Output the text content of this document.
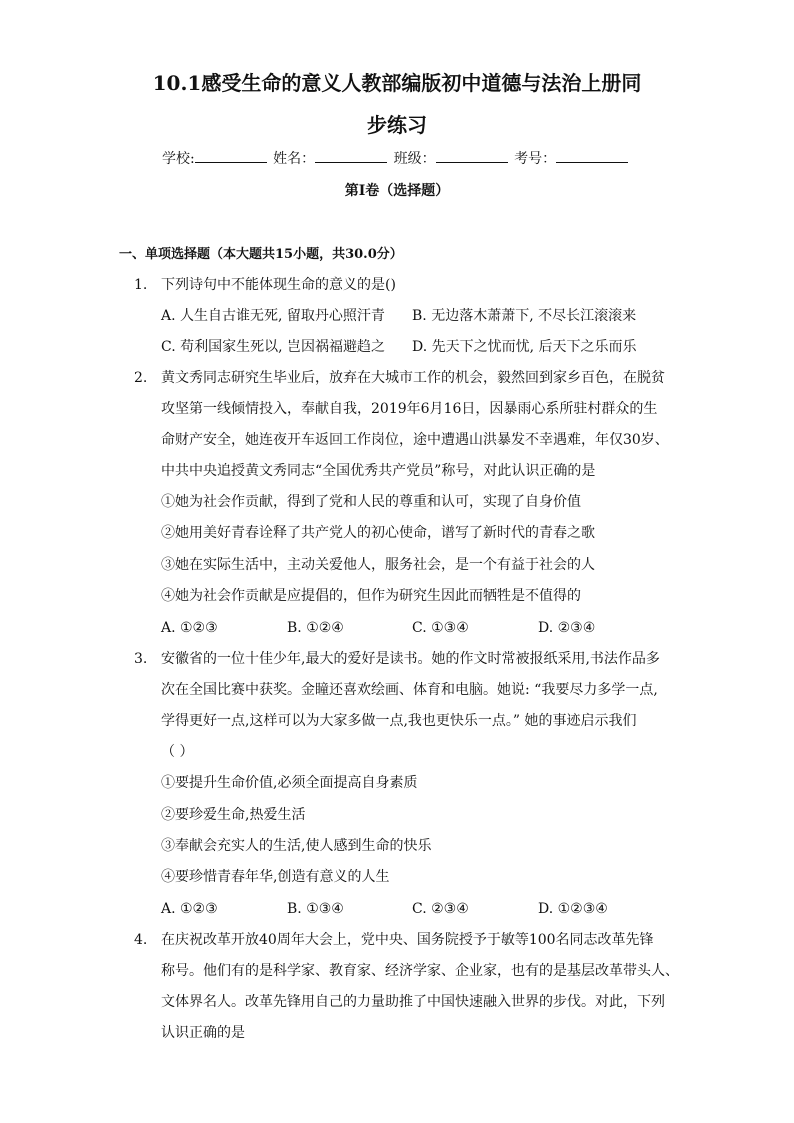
10.1感受生命的意义人教部编版初中道德与法治上册同
步练习
学校:	姓名：	班级：	考号：
第I卷（选择题）
一、单项选择题（本大题共15小题，共30.0分）
1. 下列诗句中不能体现生命的意义的是()
A. 人生自古谁无死, 留取丹心照汗青 B. 无边落木萧萧下, 不尽长江滚滚来
C. 苟利国家生死以, 岂因祸福避趋之 D. 先天下之忧而忧, 后天下之乐而乐
2. 黄文秀同志研究生毕业后，放弃在大城市工作的机会，毅然回到家乡百色，在脱贫
攻坚第一线倾情投入，奉献自我，2019年6月16日，因暴雨心系所驻村群众的生
命财产安全，她连夜开车返回工作岗位，途中遭遇山洪暴发不幸遇难，年仅30岁、
中共中央追授黄文秀同志“全国优秀共产党员”称号，对此认识正确的是
①她为社会作贡献，得到了党和人民的尊重和认可，实现了自身价值
②她用美好青春诠释了共产党人的初心使命，谱写了新时代的青春之歌
③她在实际生活中，主动关爱他人，服务社会，是一个有益于社会的人
④她为社会作贡献是应提倡的，但作为研究生因此而牺牲是不值得的
A. ①②③	B. ①②④	C. ①③④	D. ②③④
3. 安徽省的一位十佳少年,最大的爱好是读书。她的作文时常被报纸采用,书法作品多
次在全国比赛中获奖。金瞳还喜欢绘画、体育和电脑。她说: “我要尽力多学一点,
学得更好一点,这样可以为大家多做一点,我也更快乐一点。” 她的事迹启示我们
（ ）
①要提升生命价值,必须全面提高自身素质
②要珍爱生命,热爱生活
③奉献会充实人的生活,使人感到生命的快乐
④要珍惜青春年华,创造有意义的人生
A. ①②③	B. ①③④	C. ②③④	D. ①②③④
4. 在庆祝改革开放40周年大会上，党中央、国务院授予于敏等100名同志改革先锋
称号。他们有的是科学家、教育家、经济学家、企业家，也有的是基层改革带头人、
文体界名人。改革先锋用自己的力量助推了中国快速融入世界的步伐。对此，下列
认识正确的是
